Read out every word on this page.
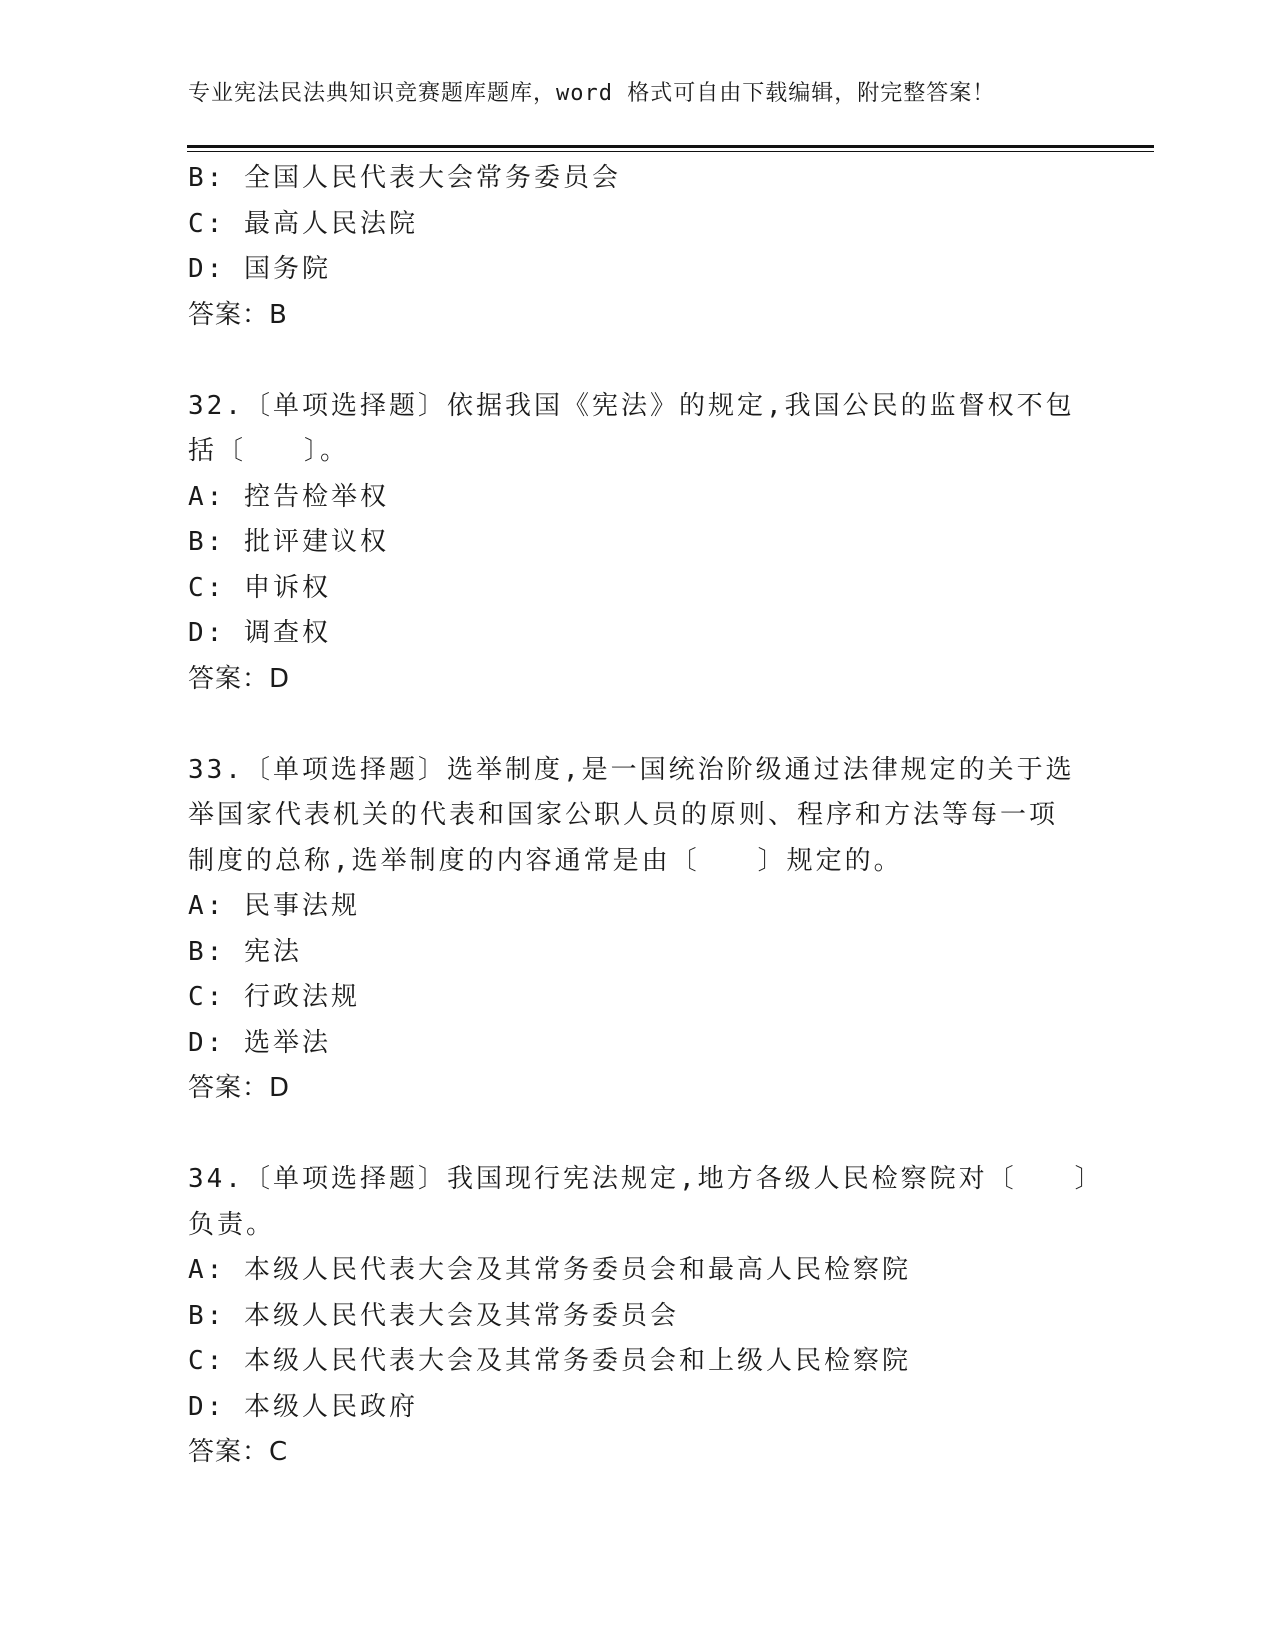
专业宪法民法典知识竞赛题库题库，word 格式可自由下载编辑，附完整答案！
B: 全国人民代表大会常务委员会
C: 最高人民法院
D: 国务院
答案：B
32.〔单项选择题〕依据我国《宪法》的规定,我国公民的监督权不包
括〔　　〕。
A: 控告检举权
B: 批评建议权
C: 申诉权
D: 调查权
答案：D
33.〔单项选择题〕选举制度,是一国统治阶级通过法律规定的关于选
举国家代表机关的代表和国家公职人员的原则、程序和方法等每一项
制度的总称,选举制度的内容通常是由〔　　〕规定的。
A: 民事法规
B: 宪法
C: 行政法规
D: 选举法
答案：D
34.〔单项选择题〕我国现行宪法规定,地方各级人民检察院对〔　　〕
负责。
A: 本级人民代表大会及其常务委员会和最高人民检察院
B: 本级人民代表大会及其常务委员会
C: 本级人民代表大会及其常务委员会和上级人民检察院
D: 本级人民政府
答案：C
